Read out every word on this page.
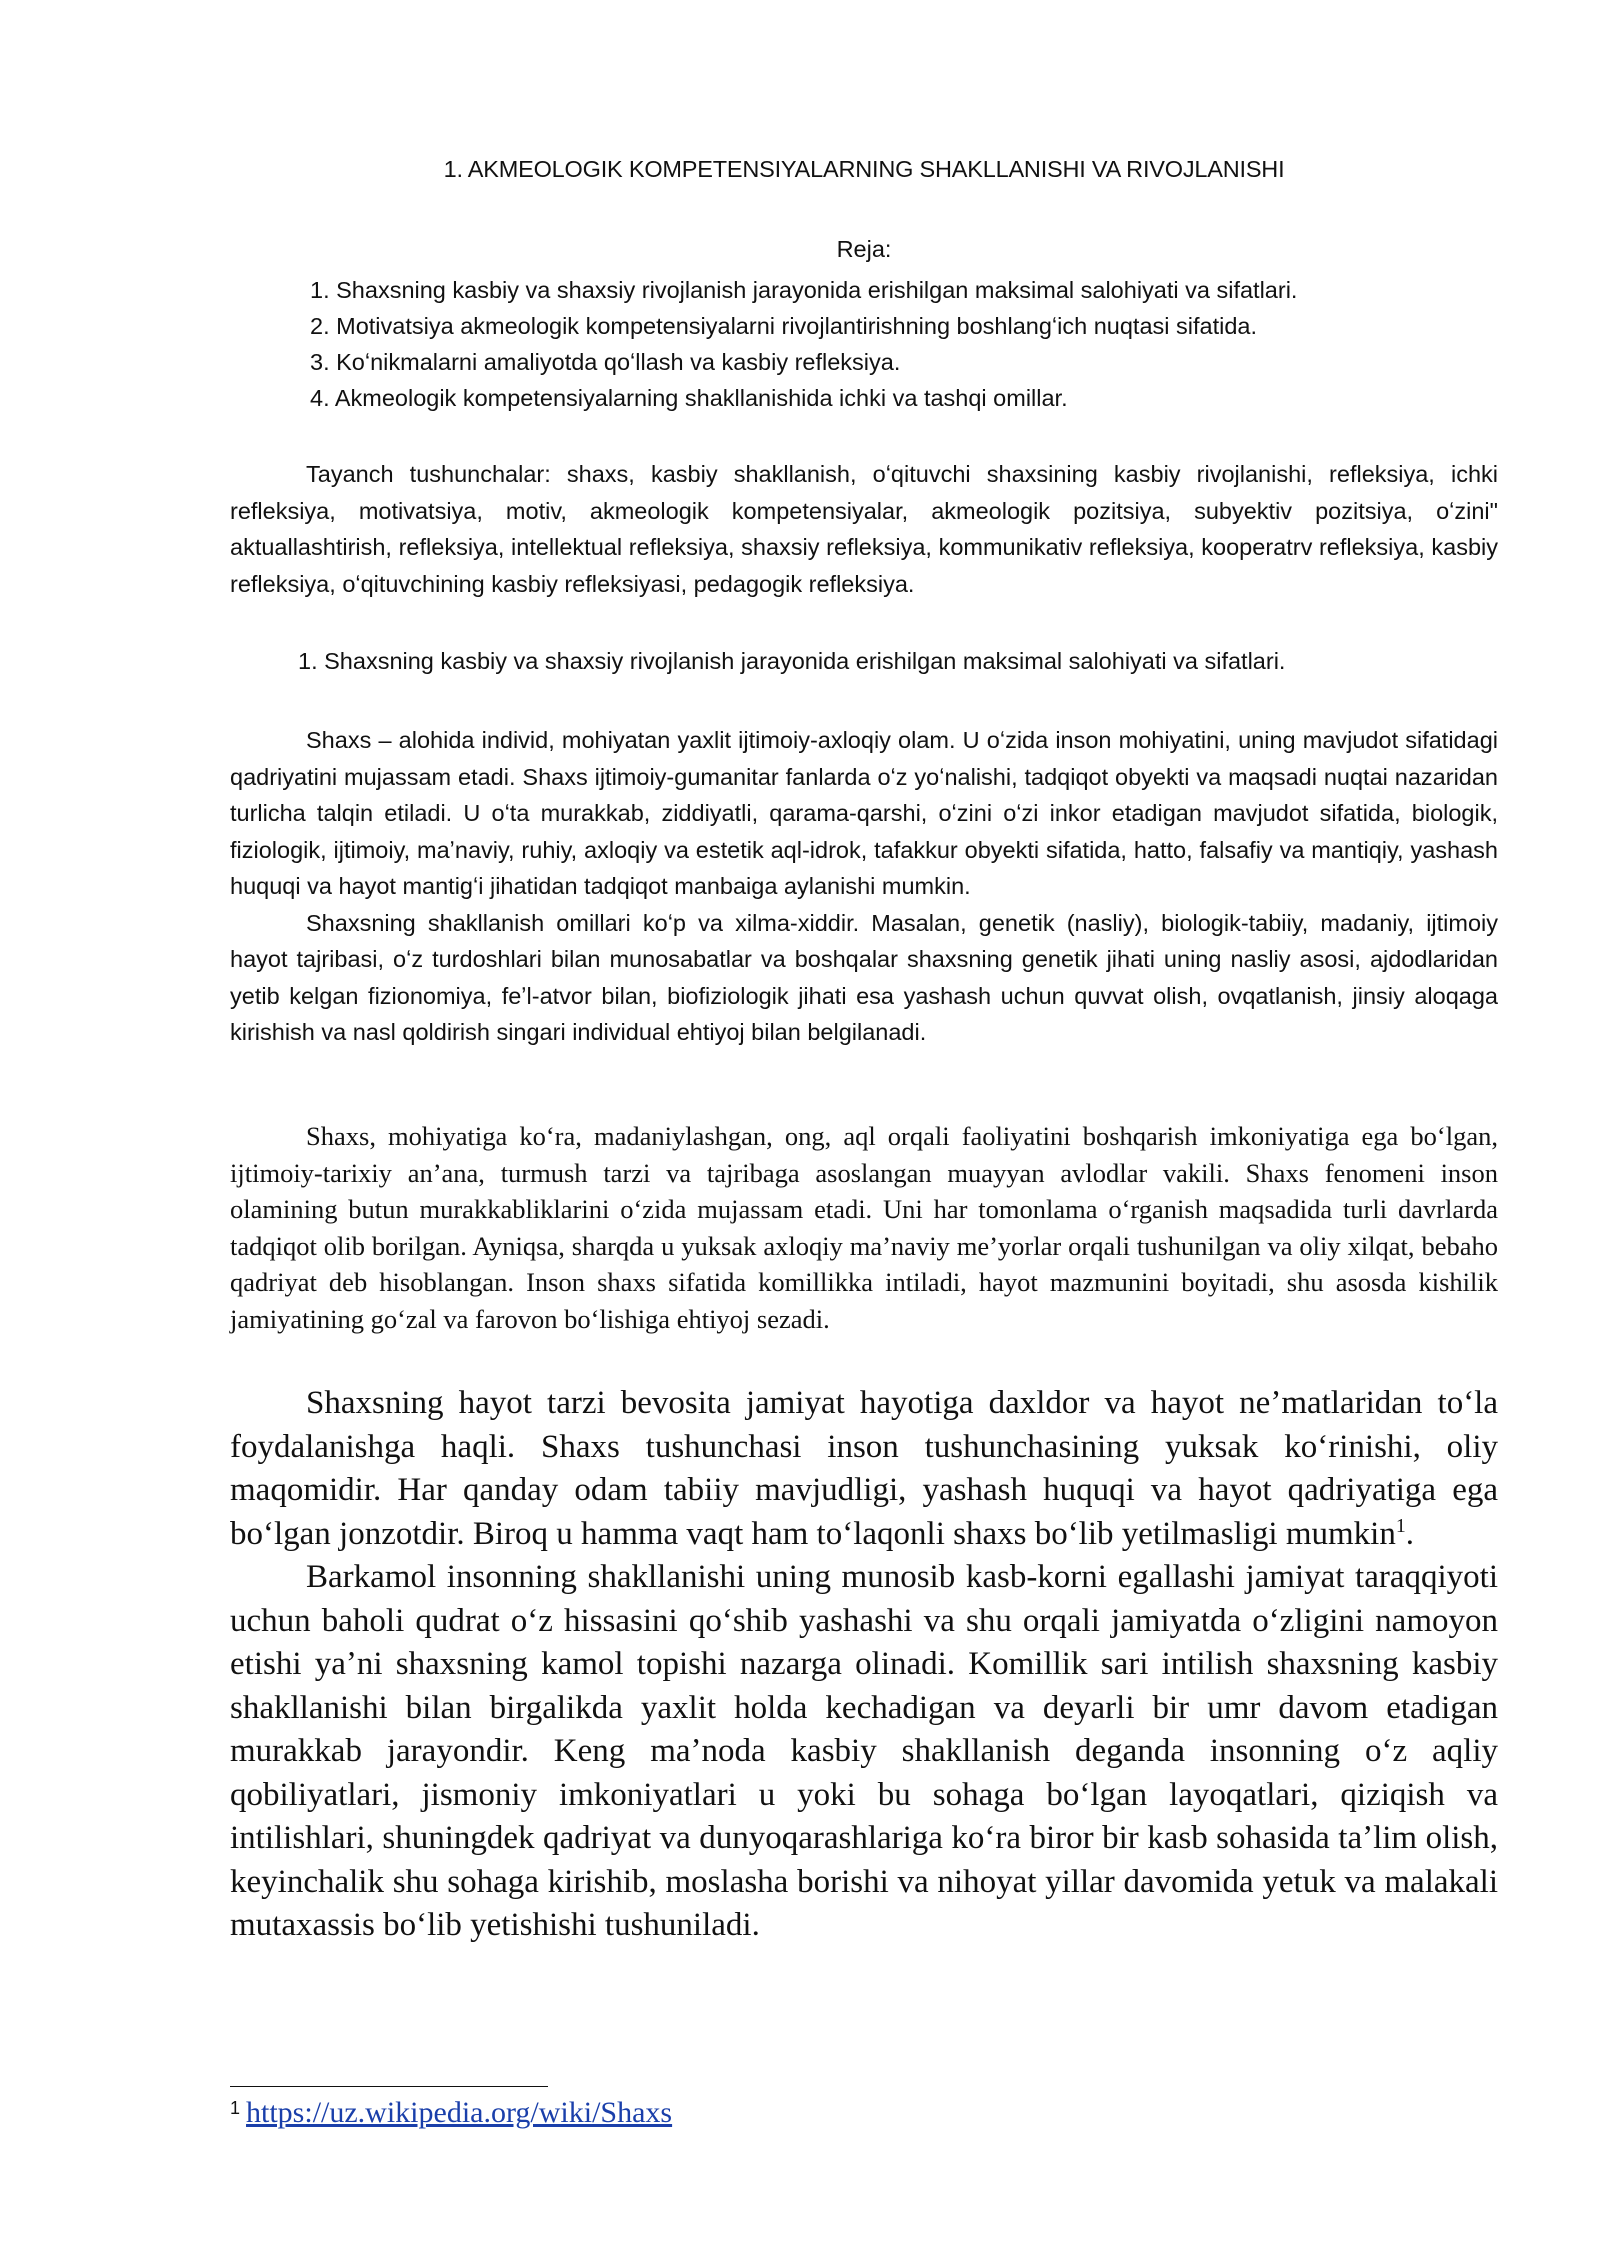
1. AKMEOLOGIK KOMPETENSIYALARNING SHAKLLANISHI VA RIVOJLANISHI
Reja:
1. Shaxsning kasbiy va shaxsiy rivojlanish jarayonida erishilgan maksimal salohiyati va sifatlari.
2. Motivatsiya akmeologik kompetensiyalarni rivojlantirishning boshlangʻich nuqtasi sifatida.
3. Koʻnikmalarni amaliyotda qoʻllash va kasbiy refleksiya.
4. Akmeologik kompetensiyalarning shakllanishida ichki va tashqi omillar.

Tayanch tushunchalar: shaxs, kasbiy shakllanish, oʻqituvchi shaxsining kasbiy rivojlanishi, refleksiya, ichki refleksiya, motivatsiya, motiv, akmeologik kompetensiyalar, akmeologik pozitsiya, subyektiv pozitsiya, oʻzini" aktuallashtirish, refleksiya, intellektual refleksiya, shaxsiy refleksiya, kommunikativ refleksiya, kooperatrv refleksiya, kasbiy refleksiya, oʻqituvchining kasbiy refleksiyasi, pedagogik refleksiya.

1. Shaxsning kasbiy va shaxsiy rivojlanish jarayonida erishilgan maksimal salohiyati va sifatlari.

Shaxs – alohida individ, mohiyatan yaxlit ijtimoiy-axloqiy olam. U oʻzida inson mohiyatini, uning mavjudot sifatidagi qadriyatini mujassam etadi. Shaxs ijtimoiy-gumanitar fanlarda oʻz yoʻnalishi, tadqiqot obyekti va maqsadi nuqtai nazaridan turlicha talqin etiladi. U oʻta murakkab, ziddiyatli, qarama-qarshi, oʻzini oʻzi inkor etadigan mavjudot sifatida, biologik, fiziologik, ijtimoiy, maʼnaviy, ruhiy, axloqiy va estetik aql-idrok, tafakkur obyekti sifatida, hatto, falsafiy va mantiqiy, yashash huquqi va hayot mantigʻi jihatidan tadqiqot manbaiga aylanishi mumkin.

Shaxsning shakllanish omillari koʻp va xilma-xiddir. Masalan, genetik (nasliy), biologik-tabiiy, madaniy, ijtimoiy hayot tajribasi, oʻz turdoshlari bilan munosabatlar va boshqalar shaxsning genetik jihati uning nasliy asosi, ajdodlaridan yetib kelgan fizionomiya, feʼl-atvor bilan, biofiziologik jihati esa yashash uchun quvvat olish, ovqatlanish, jinsiy aloqaga kirishish va nasl qoldirish singari individual ehtiyoj bilan belgilanadi.

Shaxs, mohiyatiga koʻra, madaniylashgan, ong, aql orqali faoliyatini boshqarish imkoniyatiga ega boʻlgan, ijtimoiy-tarixiy anʼana, turmush tarzi va tajribaga asoslangan muayyan avlodlar vakili. Shaxs fenomeni inson olamining butun murakkabliklarini oʻzida mujassam etadi. Uni har tomonlama oʻrganish maqsadida turli davrlarda tadqiqot olib borilgan. Ayniqsa, sharqda u yuksak axloqiy maʼnaviy meʼyorlar orqali tushunilgan va oliy xilqat, bebaho qadriyat deb hisoblangan. Inson shaxs sifatida komillikka intiladi, hayot mazmunini boyitadi, shu asosda kishilik jamiyatining goʻzal va farovon boʻlishiga ehtiyoj sezadi.

Shaxsning hayot tarzi bevosita jamiyat hayotiga daxldor va hayot neʼmatlaridan toʻla foydalanishga haqli. Shaxs tushunchasi inson tushunchasining yuksak koʻrinishi, oliy maqomidir. Har qanday odam tabiiy mavjudligi, yashash huquqi va hayot qadriyatiga ega boʻlgan jonzotdir. Biroq u hamma vaqt ham toʻlaqonli shaxs boʻlib yetilmasligi mumkin$^1$.

Barkamol insonning shakllanishi uning munosib kasb-korni egallashi jamiyat taraqqiyoti uchun baholi qudrat oʻz hissasini qoʻshib yashashi va shu orqali jamiyatda oʻzligini namoyon etishi yaʼni shaxsning kamol topishi nazarga olinadi. Komillik sari intilish shaxsning kasbiy shakllanishi bilan birgalikda yaxlit holda kechadigan va deyarli bir umr davom etadigan murakkab jarayondir. Keng maʼnoda kasbiy shakllanish deganda insonning oʻz aqliy qobiliyatlari, jismoniy imkoniyatlari u yoki bu sohaga boʻlgan layoqatlari, qiziqish va intilishlari, shuningdek qadriyat va dunyoqarashlariga koʻra biror bir kasb sohasida taʼlim olish, keyinchalik shu sohaga kirishib, moslasha borishi va nihoyat yillar davomida yetuk va malakali mutaxassis boʻlib yetishishi tushuniladi.

$^1$ https://uz.wikipedia.org/wiki/Shaxs
